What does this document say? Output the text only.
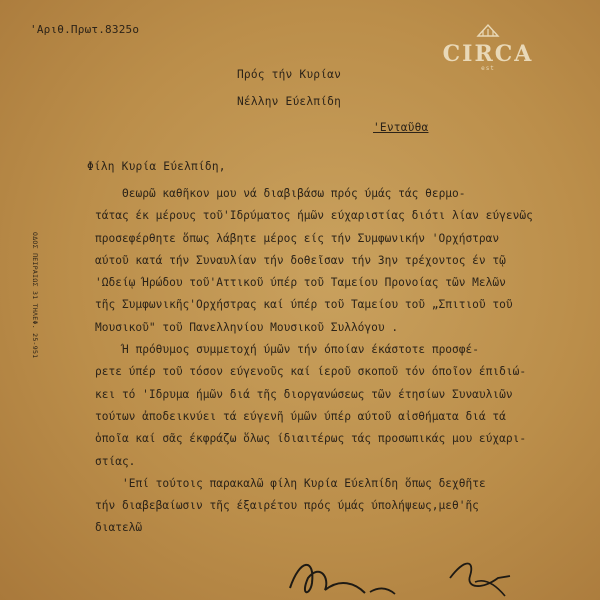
'Αριθ.Πρωτ.8325ο
CIRCA
est
ΟΔΟΣ ΠΕΙΡΑΙΩΣ 31 ΤΗΛΕΦ. 25-951
Πρός τήν Κυρίαν
Νέλλην Εύελπίδη
'Ενταῦθα
Φίλη Κυρία Εύελπίδη,
Θεωρῶ καθῆκον μου νά διαβιβάσω πρός ύμάς τάς θερμο-
τάτας έκ μέρους τοῦ'Ιδρύματος ήμῶν εύχαριστίας διότι λίαν εύγενῶς
προσεφέρθητε ὅπως λάβητε μέρος είς τήν Συμφωνικήν 'Ορχήστραν
αύτοῦ κατά τήν Συναυλίαν τήν δοθεῖσαν τήν 3ην τρέχοντος έν τῷ
'Ωδείῳ Ήρώδου τοῦ'Αττικοῦ ύπέρ τοῦ Ταμείου Προνοίας τῶν Μελῶν
τῆς Συμφωνικῆς'Ορχήστρας καί ύπέρ τοῦ Ταμείου τοῦ „Σπιτιοῦ τοῦ
Μουσικοῦ" τοῦ Πανελληνίου Μουσικοῦ Συλλόγου .
Ή πρόθυμος συμμετοχή ύμῶν τήν όποίαν έκάστοτε προσφέ-
ρετε ύπέρ τοῦ τόσον εύγενοῦς καί ίεροῦ σκοποῦ τόν όποῖον έπιδιώ-
κει τό 'Ιδρυμα ήμῶν διά τῆς διοργανώσεως τῶν έτησίων Συναυλιῶν
τούτων ἀποδεικνύει τά εύγενῆ ύμῶν ύπέρ αύτοῦ αἰσθήματα διά τά
ὁποῖα καί σᾶς έκφράζω ὅλως ίδιαιτέρως τάς προσωπικάς μου εύχαρι-
στίας.
'Επί τούτοις παρακαλῶ φίλη Κυρία Εύελπίδη ὅπως δεχθῆτε
τήν διαβεβαίωσιν τῆς έξαιρέτου πρός ύμάς ύπολήψεως,μεθ'ῆς
διατελῶ
